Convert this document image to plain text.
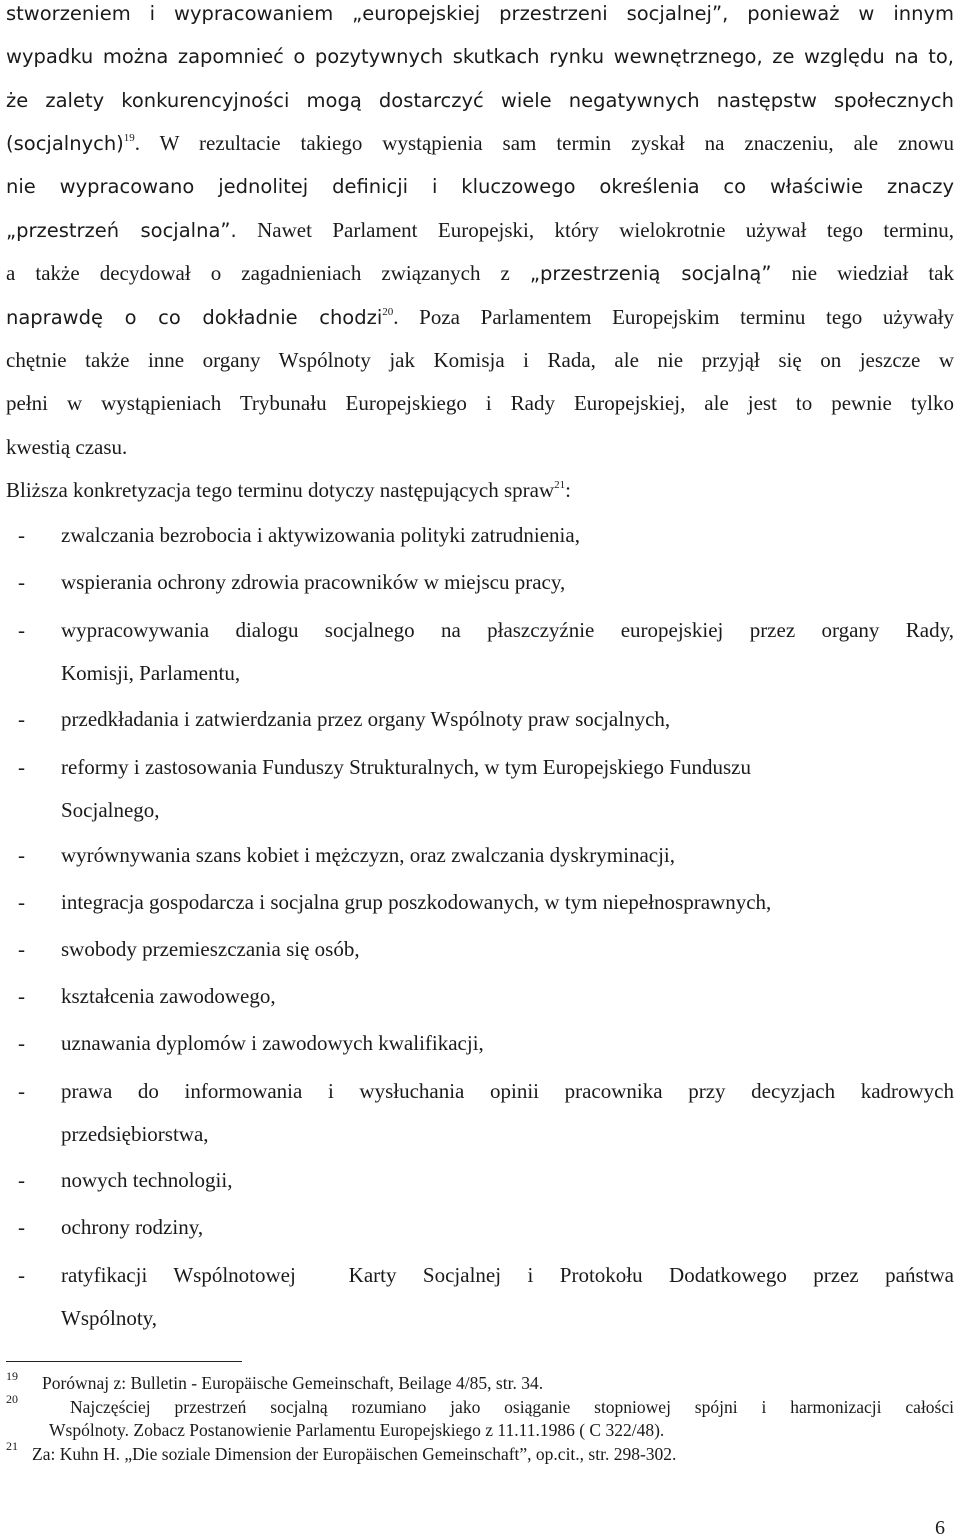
stworzeniem i wypracowaniem „europejskiej przestrzeni socjalnej”, ponieważ w innym
wypadku można zapomnieć o pozytywnych skutkach rynku wewnętrznego, ze względu na to,
że zalety konkurencyjności mogą dostarczyć wiele negatywnych następstw społecznych
(socjalnych)$^{19}$. W rezultacie takiego wystąpienia sam termin zyskał na znaczeniu, ale znowu
nie wypracowano jednolitej definicji i kluczowego określenia co właściwie znaczy
„przestrzeń socjalna”. Nawet Parlament Europejski, który wielokrotnie używał tego terminu,
a także decydował o zagadnieniach związanych z „przestrzenią socjalną” nie wiedział tak
naprawdę o co dokładnie chodzi$^{20}$. Poza Parlamentem Europejskim terminu tego używały
chętnie także inne organy Wspólnoty jak Komisja i Rada, ale nie przyjął się on jeszcze w
pełni w wystąpieniach Trybunału Europejskiego i Rady Europejskiej, ale jest to pewnie tylko
kwestią czasu.
Bliższa konkretyzacja tego terminu dotyczy następujących spraw$^{21}$:
- zwalczania bezrobocia i aktywizowania polityki zatrudnienia,
- wspierania ochrony zdrowia pracowników w miejscu pracy,
- wypracowywania dialogu socjalnego na płaszczyźnie europejskiej przez organy Rady,
Komisji, Parlamentu,
- przedkładania i zatwierdzania przez organy Wspólnoty praw socjalnych,
- reformy i zastosowania Funduszy Strukturalnych, w tym Europejskiego Funduszu
Socjalnego,
- wyrównywania szans kobiet i mężczyzn, oraz zwalczania dyskryminacji,
- integracja gospodarcza i socjalna grup poszkodowanych, w tym niepełnosprawnych,
- swobody przemieszczania się osób,
- kształcenia zawodowego,
- uznawania dyplomów i zawodowych kwalifikacji,
- prawa do informowania i wysłuchania opinii pracownika przy decyzjach kadrowych
przedsiębiorstwa,
- nowych technologii,
- ochrony rodziny,
- ratyfikacji Wspólnotowej  Karty Socjalnej i Protokołu Dodatkowego przez państwa
Wspólnoty,
19 Porównaj z: Bulletin - Europäische Gemeinschaft, Beilage 4/85, str. 34.
20	Najczęściej przestrzeń socjalną rozumiano jako osiąganie stopniowej spójni i harmonizacji całości
Wspólnoty. Zobacz Postanowienie Parlamentu Europejskiego z 11.11.1986 ( C 322/48).
21 Za: Kuhn H. „Die soziale Dimension der Europäischen Gemeinschaft”, op.cit., str. 298-302.
6
